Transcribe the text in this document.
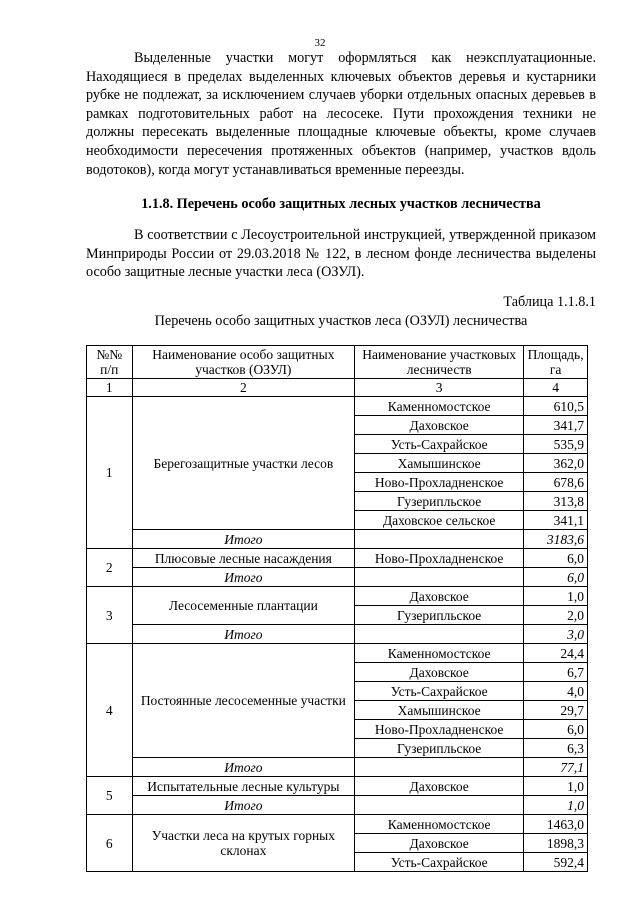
32

Выделенные участки могут оформляться как неэксплуатационные. Находящиеся в пределах выделенных ключевых объектов деревья и кустарники рубке не подлежат, за исключением случаев уборки отдельных опасных деревьев в рамках подготовительных работ на лесосеке. Пути прохождения техники не должны пересекать выделенные площадные ключевые объекты, кроме случаев необходимости пересечения протяженных объектов (например, участков вдоль водотоков), когда могут устанавливаться временные переезды.

1.1.8. Перечень особо защитных лесных участков лесничества

В соответствии с Лесоустроительной инструкцией, утвержденной приказом Минприроды России от 29.03.2018 № 122, в лесном фонде лесничества выделены особо защитные лесные участки леса (ОЗУЛ).

Таблица 1.1.8.1
Перечень особо защитных участков леса (ОЗУЛ) лесничества
№№ п/п	Наименование особо защитных участков (ОЗУЛ)	Наименование участковых лесничеств	Площадь, га
1	2	3	4
1	Берегозащитные участки лесов	Каменномостское	610,5
		Даховское	341,7
		Усть-Сахрайское	535,9
		Хамышинское	362,0
		Ново-Прохладненское	678,6
		Гузерипльское	313,8
		Даховское сельское	341,1
	Итого		3183,6
2	Плюсовые лесные насаждения	Ново-Прохладненское	6,0
	Итого		6,0
3	Лесосеменные плантации	Даховское	1,0
		Гузерипльское	2,0
	Итого		3,0
4	Постоянные лесосеменные участки	Каменномостское	24,4
		Даховское	6,7
		Усть-Сахрайское	4,0
		Хамышинское	29,7
		Ново-Прохладненское	6,0
		Гузерипльское	6,3
	Итого		77,1
5	Испытательные лесные культуры	Даховское	1,0
	Итого		1,0
6	Участки леса на крутых горных склонах	Каменномостское	1463,0
		Даховское	1898,3
		Усть-Сахрайское	592,4
